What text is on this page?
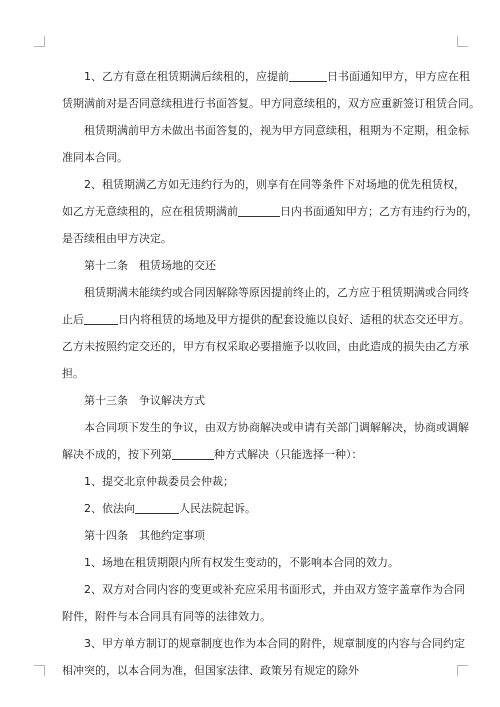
1、乙方有意在租赁期满后续租的，应提前	日书面通知甲方，甲方应在租
赁期满前对是否同意续租进行书面答复。甲方同意续租的，双方应重新签订租赁合同。
租赁期满前甲方未做出书面答复的，视为甲方同意续租，租期为不定期，租金标
准同本合同。
2、租赁期满乙方如无违约行为的，则享有在同等条件下对场地的优先租赁权，
如乙方无意续租的，应在租赁期满前	日内书面通知甲方；乙方有违约行为的，
是否续租由甲方决定。
第十二条　租赁场地的交还
租赁期满未能续约或合同因解除等原因提前终止的，乙方应于租赁期满或合同终
止后	日内将租赁的场地及甲方提供的配套设施以良好、适租的状态交还甲方。
乙方未按照约定交还的，甲方有权采取必要措施予以收回，由此造成的损失由乙方承
担。
第十三条　争议解决方式
本合同项下发生的争议，由双方协商解决或申请有关部门调解解决，协商或调解
解决不成的，按下列第	种方式解决（只能选择一种）：
1、提交北京仲裁委员会仲裁；
2、依法向	人民法院起诉。
第十四条　其他约定事项
1、场地在租赁期限内所有权发生变动的，不影响本合同的效力。
2、双方对合同内容的变更或补充应采用书面形式，并由双方签字盖章作为合同
附件，附件与本合同具有同等的法律效力。
3、甲方单方制订的规章制度也作为本合同的附件，规章制度的内容与合同约定
相冲突的，以本合同为准，但国家法律、政策另有规定的除外
